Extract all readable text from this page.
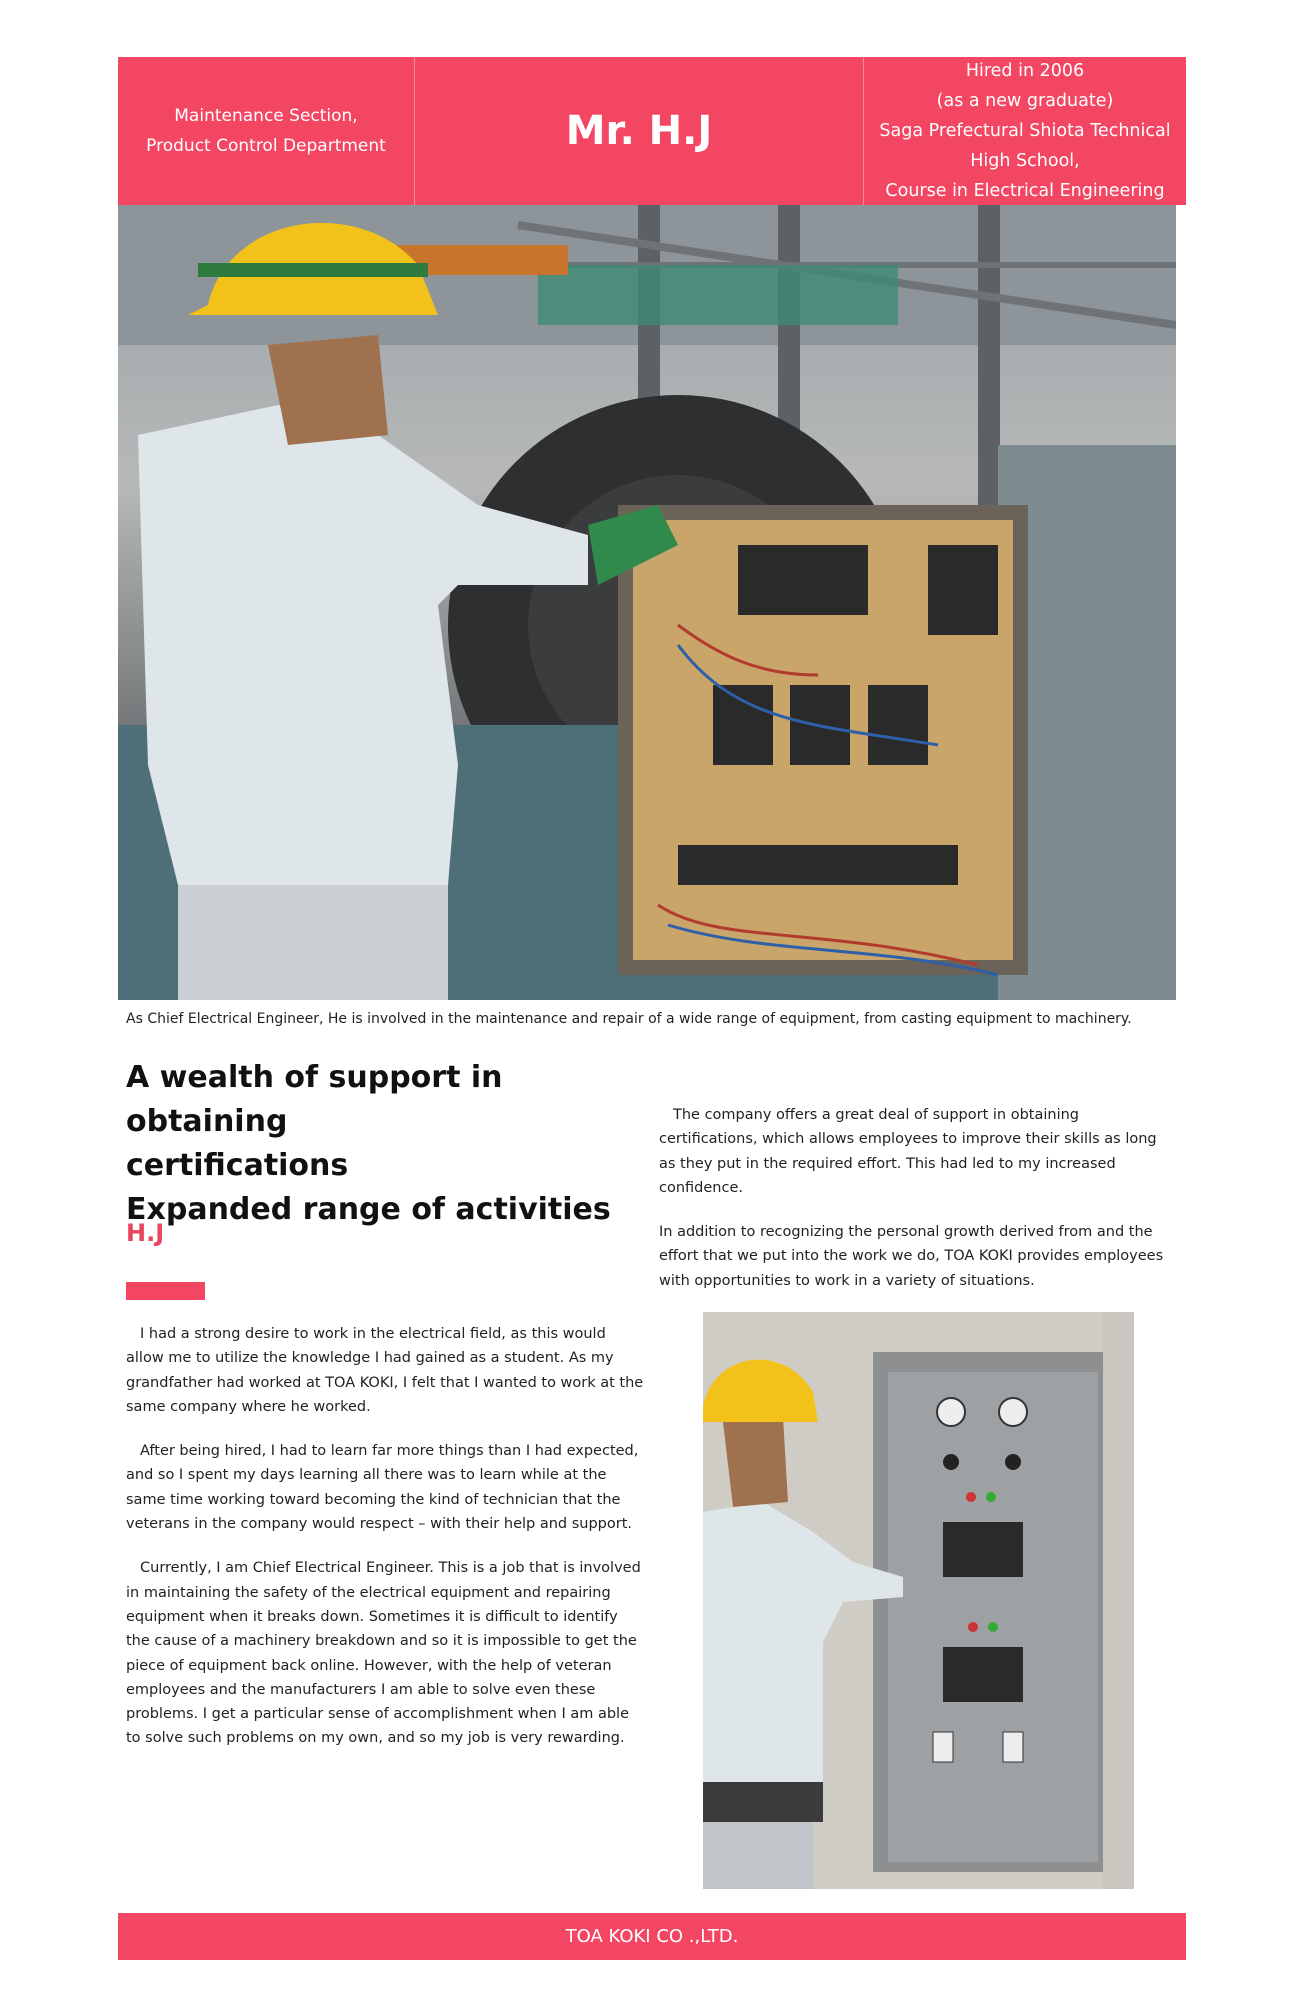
Maintenance Section,
Product Control Department	Mr. H.J
Hired in 2006
(as a new graduate)
Saga Prefectural Shiota Technical
High School,
Course in Electrical Engineering
As Chief Electrical Engineer, He is involved in the maintenance and repair of a wide range of equipment, from casting equipment to machinery.
A wealth of support in obtaining
certifications
Expanded range of activities
H.J

I had a strong desire to work in the electrical field, as this would allow me to utilize the knowledge I had gained as a student. As my grandfather had worked at TOA KOKI, I felt that I wanted to work at the same company where he worked.

After being hired, I had to learn far more things than I had expected, and so I spent my days learning all there was to learn while at the same time working toward becoming the kind of technician that the veterans in the company would respect – with their help and support.

Currently, I am Chief Electrical Engineer. This is a job that is involved in maintaining the safety of the electrical equipment and repairing equipment when it breaks down. Sometimes it is difficult to identify the cause of a machinery breakdown and so it is impossible to get the piece of equipment back online. However, with the help of veteran employees and the manufacturers I am able to solve even these problems. I get a particular sense of accomplishment when I am able to solve such problems on my own, and so my job is very rewarding.

The company offers a great deal of support in obtaining certifications, which allows employees to improve their skills as long as they put in the required effort. This had led to my increased confidence.

In addition to recognizing the personal growth derived from and the effort that we put into the work we do, TOA KOKI provides employees with opportunities to work in a variety of situations.

TOA KOKI CO .,LTD.
